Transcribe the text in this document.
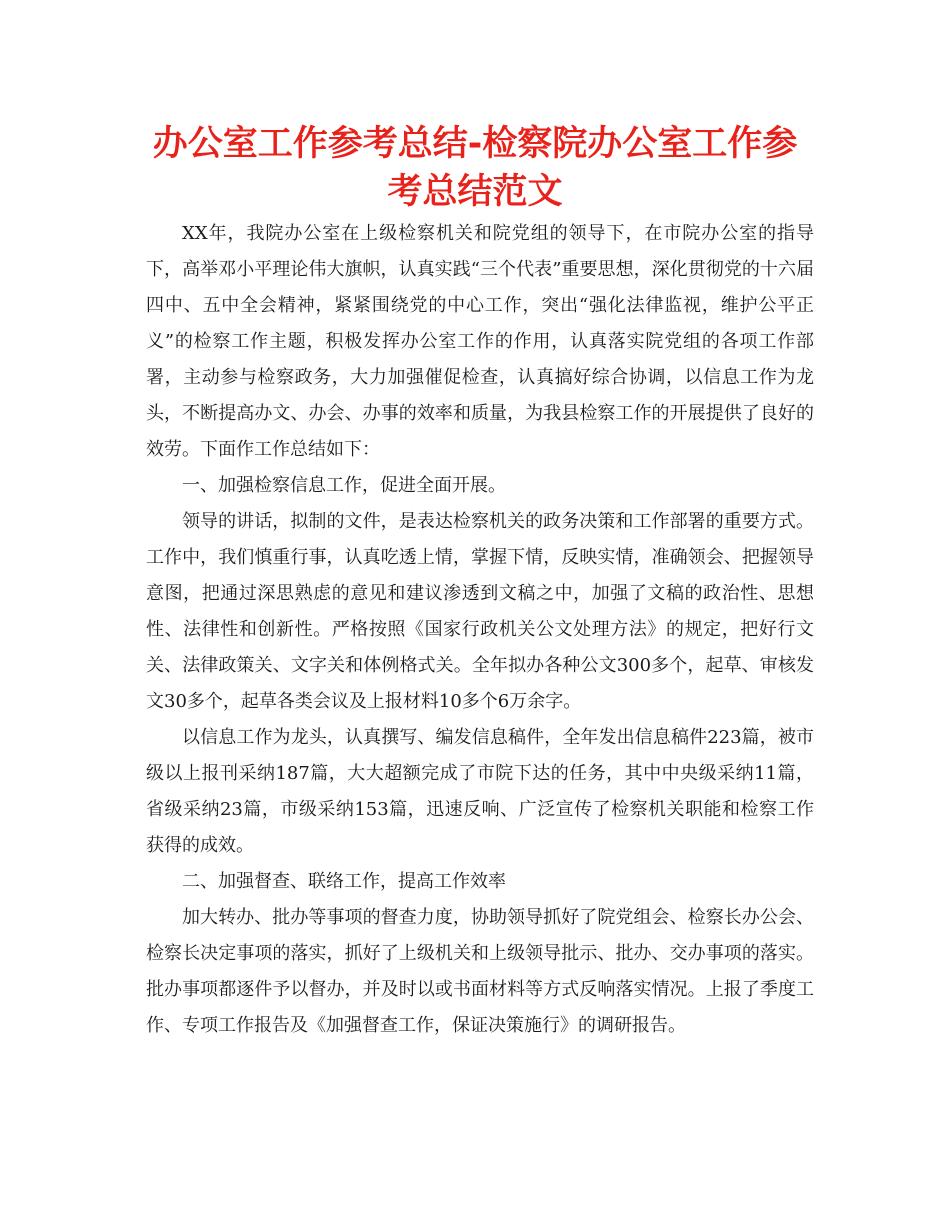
办公室工作参考总结-检察院办公室工作参考总结范文

XX年，我院办公室在上级检察机关和院党组的领导下，在市院办公室的指导下，高举邓小平理论伟大旗帜，认真实践“三个代表”重要思想，深化贯彻党的十六届四中、五中全会精神，紧紧围绕党的中心工作，突出“强化法律监视，维护公平正义”的检察工作主题，积极发挥办公室工作的作用，认真落实院党组的各项工作部署，主动参与检察政务，大力加强催促检查，认真搞好综合协调，以信息工作为龙头，不断提高办文、办会、办事的效率和质量，为我县检察工作的开展提供了良好的效劳。下面作工作总结如下：

一、加强检察信息工作，促进全面开展。

领导的讲话，拟制的文件，是表达检察机关的政务决策和工作部署的重要方式。工作中，我们慎重行事，认真吃透上情，掌握下情，反映实情，准确领会、把握领导意图，把通过深思熟虑的意见和建议渗透到文稿之中，加强了文稿的政治性、思想性、法律性和创新性。严格按照《国家行政机关公文处理方法》的规定，把好行文关、法律政策关、文字关和体例格式关。全年拟办各种公文300多个，起草、审核发文30多个，起草各类会议及上报材料10多个6万余字。

以信息工作为龙头，认真撰写、编发信息稿件，全年发出信息稿件223篇，被市级以上报刊采纳187篇，大大超额完成了市院下达的任务，其中中央级采纳11篇，省级采纳23篇，市级采纳153篇，迅速反响、广泛宣传了检察机关职能和检察工作获得的成效。

二、加强督查、联络工作，提高工作效率

加大转办、批办等事项的督查力度，协助领导抓好了院党组会、检察长办公会、检察长决定事项的落实，抓好了上级机关和上级领导批示、批办、交办事项的落实。批办事项都逐件予以督办，并及时以或书面材料等方式反响落实情况。上报了季度工作、专项工作报告及《加强督查工作，保证决策施行》的调研报告。
